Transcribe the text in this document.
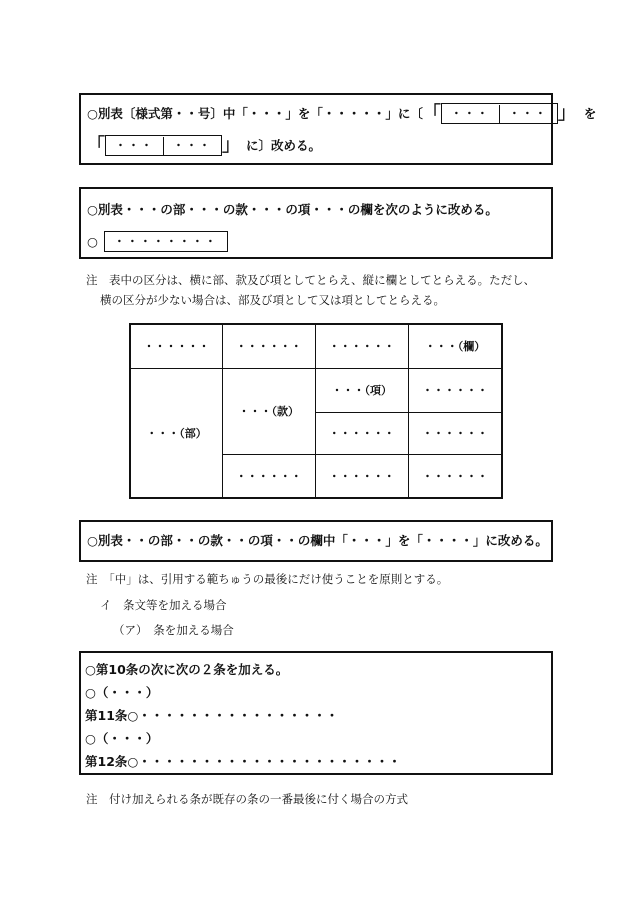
○別表〔様式第・・号〕中「・・・」を「・・・・・」に〔 「 ・・・	・・・ 」 を
「 ・・・	・・・ 」 に〕改める。
○別表・・・の部・・・の款・・・の項・・・の欄を次のように改める。
○	・・・・・・・・
注　表中の区分は、横に部、款及び項としてとらえ、縦に欄としてとらえる。ただし、
横の区分が少ない場合は、部及び項として又は項としてとらえる。
・・・・・・	・・・・・・	・・・・・・	・・・（欄）
・・・（部）	・・・（款）	・・・（項）	・・・・・・
		・・・・・・	・・・・・・
	・・・・・・	・・・・・・	・・・・・・
○別表・・の部・・の款・・の項・・の欄中「・・・」を「・・・・」に改める。
注　「中」は、引用する範ちゅうの最後にだけ使うことを原則とする。
イ　条文等を加える場合
（ア）　条を加える場合
○第10条の次に次の２条を加える。
○（・・・）
第11条○・・・・・・・・・・・・・・・・
○（・・・）
第12条○・・・・・・・・・・・・・・・・・・・・・
注　付け加えられる条が既存の条の一番最後に付く場合の方式
